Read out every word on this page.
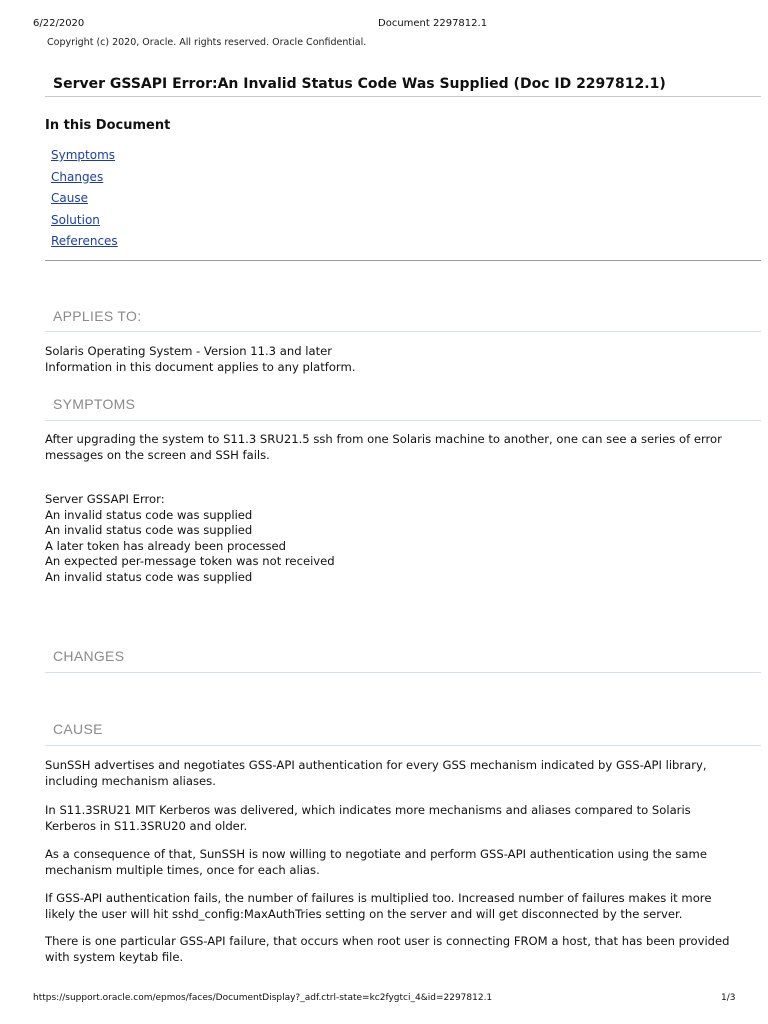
6/22/2020	Document 2297812.1
Copyright (c) 2020, Oracle. All rights reserved. Oracle Confidential.
Server GSSAPI Error:An Invalid Status Code Was Supplied (Doc ID 2297812.1)
In this Document
Symptoms
Changes
Cause
Solution
References
APPLIES TO:

Solaris Operating System - Version 11.3 and later

Information in this document applies to any platform.

SYMPTOMS
After upgrading the system to S11.3 SRU21.5 ssh from one Solaris machine to another, one can see a series of error messages on the screen and SSH fails.

Server GSSAPI Error:

An invalid status code was supplied

An invalid status code was supplied

A later token has already been processed

An expected per-message token was not received

An invalid status code was supplied

CHANGES
CAUSE
SunSSH advertises and negotiates GSS-API authentication for every GSS mechanism indicated by GSS-API library, including mechanism aliases.
In S11.3SRU21 MIT Kerberos was delivered, which indicates more mechanisms and aliases compared to Solaris Kerberos in S11.3SRU20 and older.
As a consequence of that, SunSSH is now willing to negotiate and perform GSS-API authentication using the same mechanism multiple times, once for each alias.
If GSS-API authentication fails, the number of failures is multiplied too. Increased number of failures makes it more likely the user will hit sshd_config:MaxAuthTries setting on the server and will get disconnected by the server.
There is one particular GSS-API failure, that occurs when root user is connecting FROM a host, that has been provided with system keytab file.
https://support.oracle.com/epmos/faces/DocumentDisplay?_adf.ctrl-state=kc2fygtci_4&id=2297812.1	1/3
